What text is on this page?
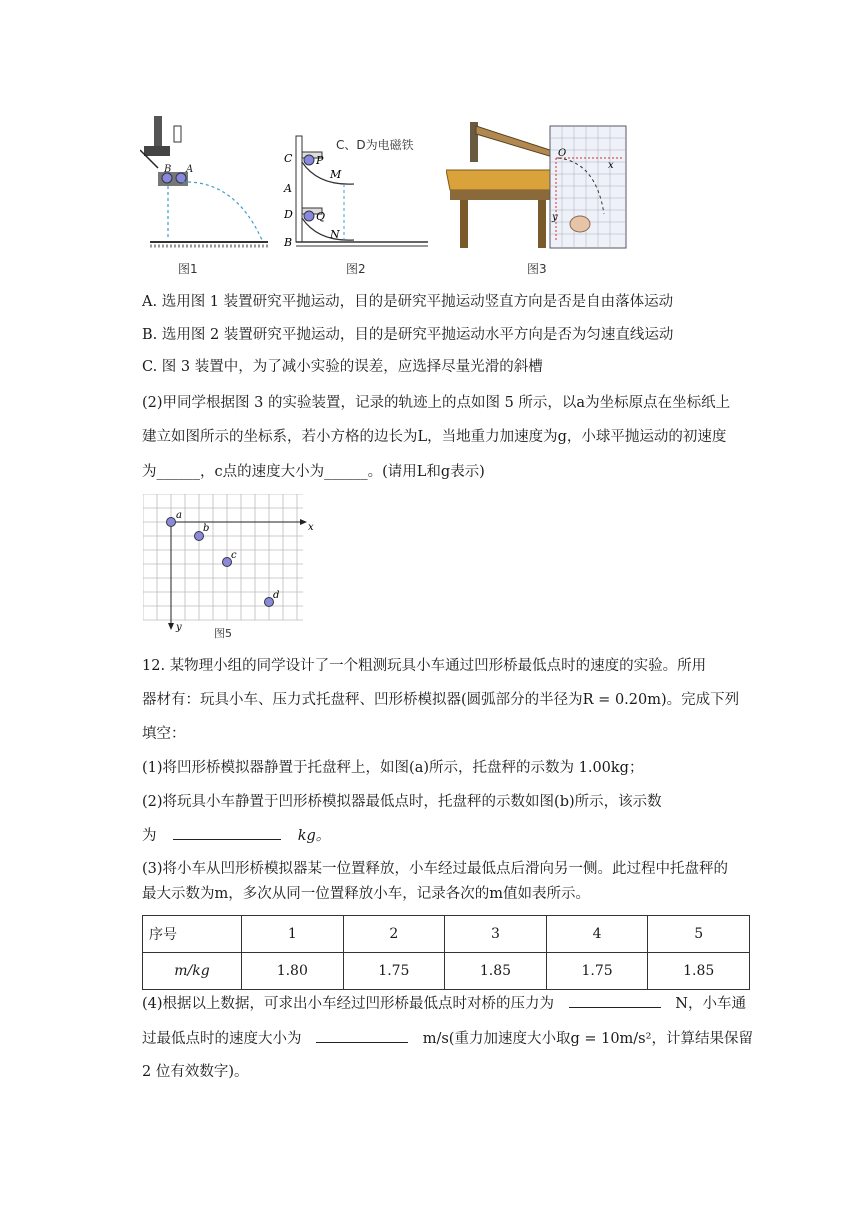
B A
图1
C P
M
A
D Q
B
N
C、D为电磁铁
图2
O
x
y
图3
A. 选用图 1 装置研究平抛运动，目的是研究平抛运动竖直方向是否是自由落体运动
B. 选用图 2 装置研究平抛运动，目的是研究平抛运动水平方向是否为匀速直线运动
C. 图 3 装置中，为了减小实验的误差，应选择尽量光滑的斜槽
(2)甲同学根据图 3 的实验装置，记录的轨迹上的点如图 5 所示，以a为坐标原点在坐标纸上
建立如图所示的坐标系，若小方格的边长为L，当地重力加速度为g，小球平抛运动的初速度
为______，c点的速度大小为______。(请用L和g表示)
a
b
c
d
x
y	图5
12. 某物理小组的同学设计了一个粗测玩具小车通过凹形桥最低点时的速度的实验。所用
器材有：玩具小车、压力式托盘秤、凹形桥模拟器(圆弧部分的半径为R = 0.20m)。完成下列
填空：
(1)将凹形桥模拟器静置于托盘秤上，如图(a)所示，托盘秤的示数为 1.00kg；
(2)将玩具小车静置于凹形桥模拟器最低点时，托盘秤的示数如图(b)所示，该示数
为	kg。
(3)将小车从凹形桥模拟器某一位置释放，小车经过最低点后滑向另一侧。此过程中托盘秤的
最大示数为m，多次从同一位置释放小车，记录各次的m值如表所示。
序号	1	2	3	4	5
m/kg	1.80	1.75	1.85	1.75	1.85
(4)根据以上数据，可求出小车经过凹形桥最低点时对桥的压力为	N，小车通
过最低点时的速度大小为	m/s(重力加速度大小取g = 10m/s²，计算结果保留
2 位有效数字)。
